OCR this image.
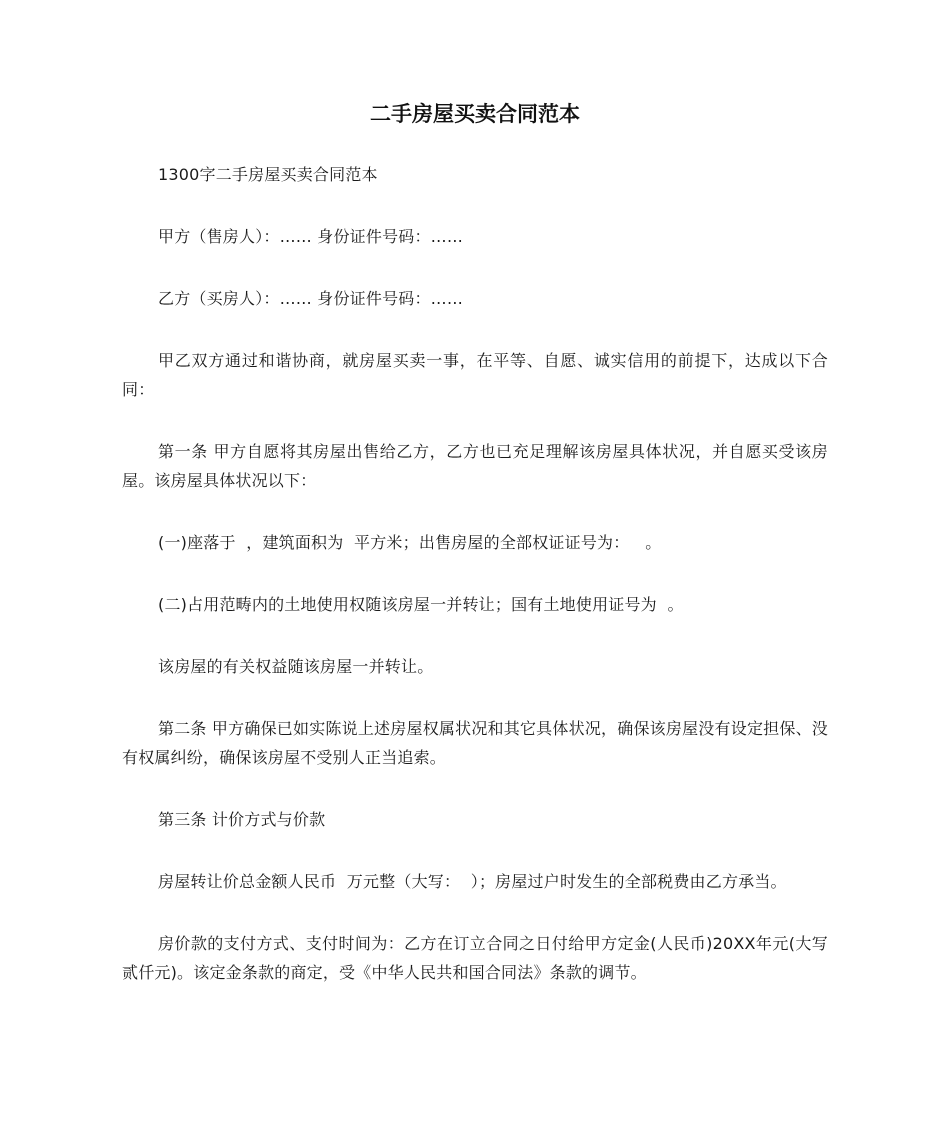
二手房屋买卖合同范本

1300字二手房屋买卖合同范本

甲方（售房人）：…… 身份证件号码：……

乙方（买房人）：…… 身份证件号码：……

甲乙双方通过和谐协商，就房屋买卖一事，在平等、自愿、诚实信用的前提下，达成以下合同：

第一条 甲方自愿将其房屋出售给乙方，乙方也已充足理解该房屋具体状况，并自愿买受该房屋。该房屋具体状况以下：

(一)座落于  ，建筑面积为  平方米；出售房屋的全部权证证号为：   。

(二)占用范畴内的土地使用权随该房屋一并转让；国有土地使用证号为  。

该房屋的有关权益随该房屋一并转让。

第二条 甲方确保已如实陈说上述房屋权属状况和其它具体状况，确保该房屋没有设定担保、没有权属纠纷，确保该房屋不受别人正当追索。

第三条 计价方式与价款

房屋转让价总金额人民币  万元整（大写：  ）；房屋过户时发生的全部税费由乙方承当。

房价款的支付方式、支付时间为：乙方在订立合同之日付给甲方定金(人民币)20XX年元(大写贰仟元)。该定金条款的商定，受《中华人民共和国合同法》条款的调节。
